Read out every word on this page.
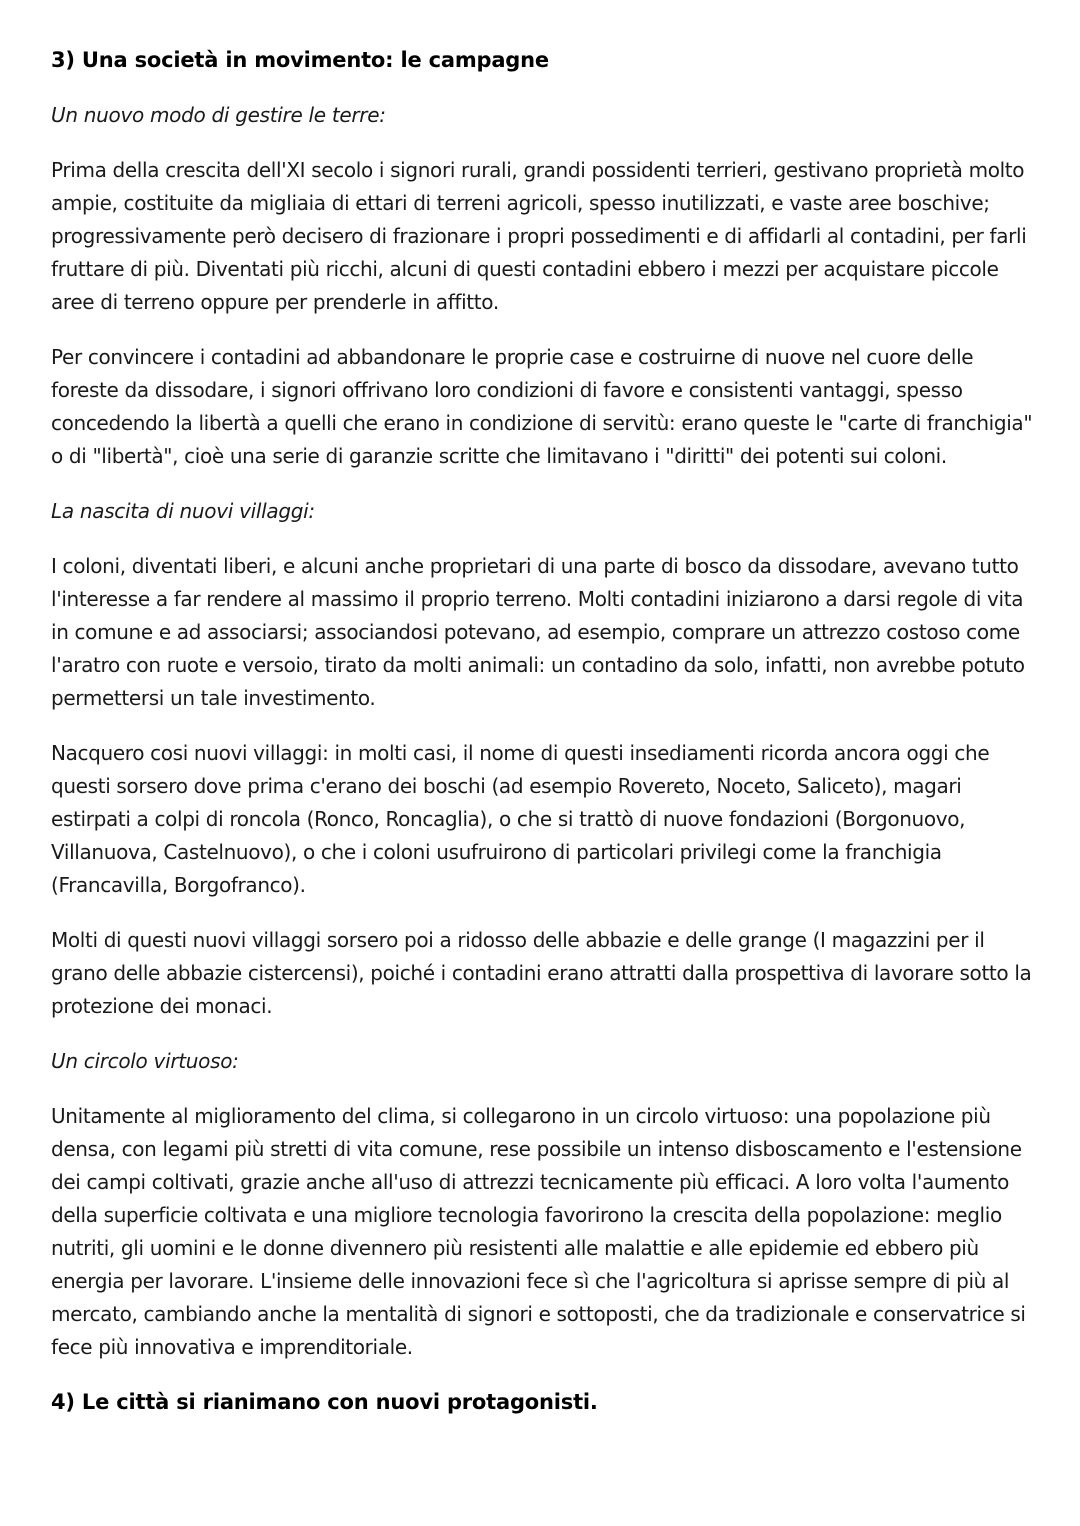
3) Una società in movimento: le campagne

Un nuovo modo di gestire le terre:

Prima della crescita dell'XI secolo i signori rurali, grandi possidenti terrieri, gestivano proprietà molto ampie, costituite da migliaia di ettari di terreni agricoli, spesso inutilizzati, e vaste aree boschive; progressivamente però decisero di frazionare i propri possedimenti e di affidarli al contadini, per farli fruttare di più. Diventati più ricchi, alcuni di questi contadini ebbero i mezzi per acquistare piccole aree di terreno oppure per prenderle in affitto.

Per convincere i contadini ad abbandonare le proprie case e costruirne di nuove nel cuore delle foreste da dissodare, i signori offrivano loro condizioni di favore e consistenti vantaggi, spesso concedendo la libertà a quelli che erano in condizione di servitù: erano queste le "carte di franchigia" o di "libertà", cioè una serie di garanzie scritte che limitavano i "diritti" dei potenti sui coloni.

La nascita di nuovi villaggi:

I coloni, diventati liberi, e alcuni anche proprietari di una parte di bosco da dissodare, avevano tutto l'interesse a far rendere al massimo il proprio terreno. Molti contadini iniziarono a darsi regole di vita in comune e ad associarsi; associandosi potevano, ad esempio, comprare un attrezzo costoso come l'aratro con ruote e versoio, tirato da molti animali: un contadino da solo, infatti, non avrebbe potuto permettersi un tale investimento.

Nacquero cosi nuovi villaggi: in molti casi, il nome di questi insediamenti ricorda ancora oggi che questi sorsero dove prima c'erano dei boschi (ad esempio Rovereto, Noceto, Saliceto), magari estirpati a colpi di roncola (Ronco, Roncaglia), o che si trattò di nuove fondazioni (Borgonuovo, Villanuova, Castelnuovo), o che i coloni usufruirono di particolari privilegi come la franchigia (Francavilla, Borgofranco).

Molti di questi nuovi villaggi sorsero poi a ridosso delle abbazie e delle grange (I magazzini per il grano delle abbazie cistercensi), poiché i contadini erano attratti dalla prospettiva di lavorare sotto la protezione dei monaci.

Un circolo virtuoso:

Unitamente al miglioramento del clima, si collegarono in un circolo virtuoso: una popolazione più densa, con legami più stretti di vita comune, rese possibile un intenso disboscamento e l'estensione dei campi coltivati, grazie anche all'uso di attrezzi tecnicamente più efficaci. A loro volta l'aumento della superficie coltivata e una migliore tecnologia favorirono la crescita della popolazione: meglio nutriti, gli uomini e le donne divennero più resistenti alle malattie e alle epidemie ed ebbero più energia per lavorare. L'insieme delle innovazioni fece sì che l'agricoltura si aprisse sempre di più al mercato, cambiando anche la mentalità di signori e sottoposti, che da tradizionale e conservatrice si fece più innovativa e imprenditoriale.

4) Le città si rianimano con nuovi protagonisti.
